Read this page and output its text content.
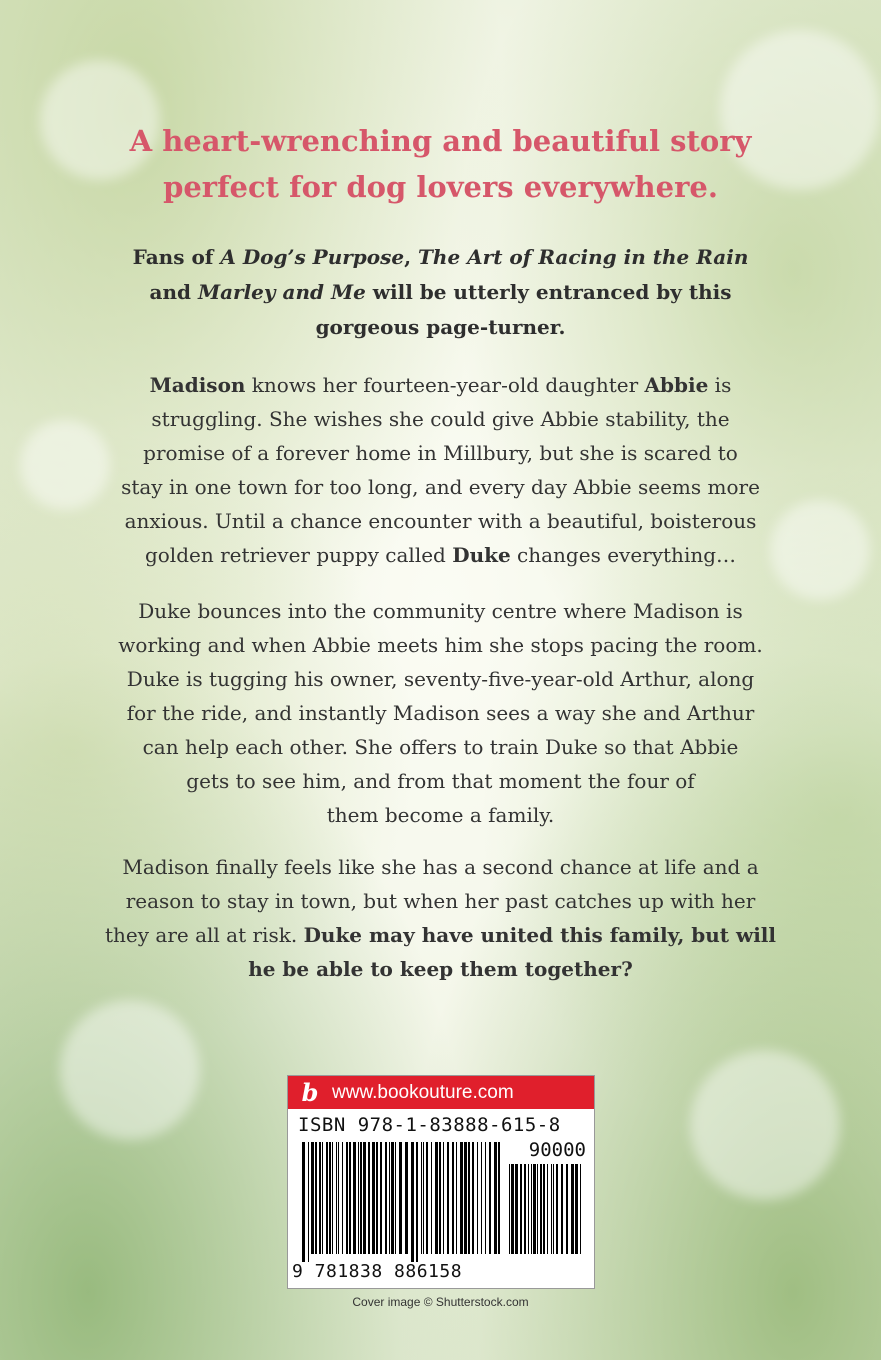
A heart-wrenching and beautiful story
perfect for dog lovers everywhere.
Fans of A Dog’s Purpose, The Art of Racing in the Rain
and Marley and Me will be utterly entranced by this
gorgeous page-turner.
Madison knows her fourteen-year-old daughter Abbie is
struggling. She wishes she could give Abbie stability, the
promise of a forever home in Millbury, but she is scared to
stay in one town for too long, and every day Abbie seems more
anxious. Until a chance encounter with a beautiful, boisterous
golden retriever puppy called Duke changes everything…
Duke bounces into the community centre where Madison is
working and when Abbie meets him she stops pacing the room.
Duke is tugging his owner, seventy-five-year-old Arthur, along
for the ride, and instantly Madison sees a way she and Arthur
can help each other. She offers to train Duke so that Abbie
gets to see him, and from that moment the four of
them become a family.
Madison finally feels like she has a second chance at life and a
reason to stay in town, but when her past catches up with her
they are all at risk. Duke may have united this family, but will
he be able to keep them together?
b www.bookouture.com
ISBN 978-1-83888-615-8
90000
9 781838 886158
Cover image © Shutterstock.com
